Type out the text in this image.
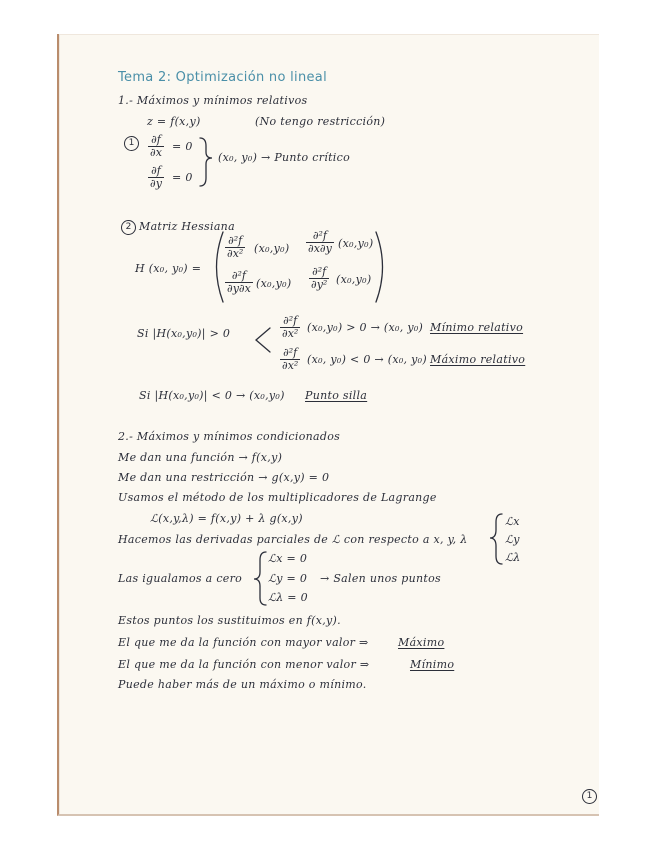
Tema 2: Optimización no lineal
1.- Máximos y mínimos relativos
z = f(x,y)	(No tengo restricción)
1	$\frac{\partial f}{\partial x} = 0$
$\frac{\partial f}{\partial y} = 0$
(x₀, y₀) → Punto crítico
2 Matriz Hessiana
H (x₀, y₀) =
$\frac{\text{∂²f}}{\text{∂x²}} (x_0,y_0) \frac{\text{∂²f}}{\partial x\partial y} (x_0,y_0)$
$\frac{\text{∂²f}}{\partial y\partial x} (x_0,y_0) \frac{\text{∂²f}}{\text{∂y²}} (x_0,y_0)$
Si |H(x₀,y₀)| > 0	$\frac{\text{∂²f}}{\text{∂x²}} (x_0,y_0) > 0 \to (x_0$, y₀) Mínimo relativo
$\frac{\text{∂²f}}{\text{∂x²}} (x_0$, y₀) < 0 → (x₀, y₀) Máximo relativo
Si |H(x₀,y₀)| < 0 → (x₀,y₀) Punto silla
2.- Máximos y mínimos condicionados
Me dan una función → f(x,y)
Me dan una restricción → g(x,y) = 0
Usamos el método de los multiplicadores de Lagrange
ℒ(x,y,λ) = f(x,y) + λ g(x,y)
Hacemos las derivadas parciales de ℒ con respecto a x, y, λ
ℒx
ℒy
ℒλ
Las igualamos a cero
ℒx = 0
ℒy = 0
ℒλ = 0
→ Salen unos puntos
Estos puntos los sustituimos en f(x,y).
El que me da la función con mayor valor ⇒	Máximo
El que me da la función con menor valor ⇒	Mínimo
Puede haber más de un máximo o mínimo.
1
